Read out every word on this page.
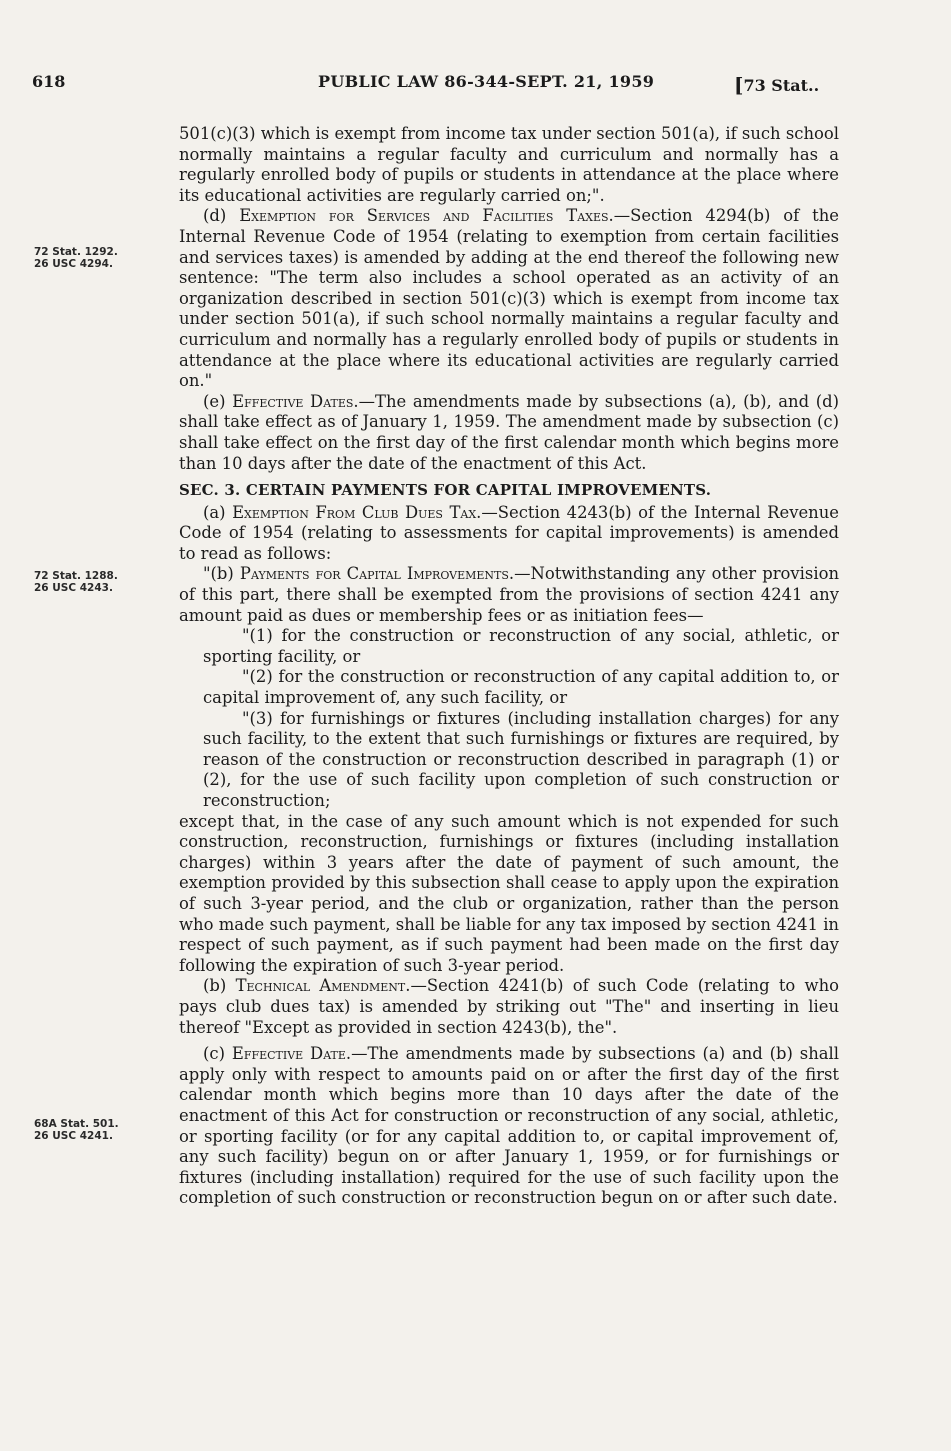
618	PUBLIC LAW 86-344-SEPT. 21, 1959	[73 Stat..
72 Stat. 1292.
26 USC 4294.
72 Stat. 1288.
26 USC 4243.
68A Stat. 501.
26 USC 4241.

501(c)(3) which is exempt from income tax under section 501(a), if such school normally maintains a regular faculty and curriculum and normally has a regularly enrolled body of pupils or students in attendance at the place where its educational activities are regularly carried on;".

(d) Exemption for Services and Facilities Taxes.—Section 4294(b) of the Internal Revenue Code of 1954 (relating to exemption from certain facilities and services taxes) is amended by adding at the end thereof the following new sentence: "The term also includes a school operated as an activity of an organization described in section 501(c)(3) which is exempt from income tax under section 501(a), if such school normally maintains a regular faculty and curriculum and normally has a regularly enrolled body of pupils or students in attendance at the place where its educational activities are regularly carried on."

(e) Effective Dates.—The amendments made by subsections (a), (b), and (d) shall take effect as of January 1, 1959. The amendment made by subsection (c) shall take effect on the first day of the first calendar month which begins more than 10 days after the date of the enactment of this Act.

SEC. 3. CERTAIN PAYMENTS FOR CAPITAL IMPROVEMENTS.

(a) Exemption From Club Dues Tax.—Section 4243(b) of the Internal Revenue Code of 1954 (relating to assessments for capital improvements) is amended to read as follows:

"(b) Payments for Capital Improvements.—Notwithstanding any other provision of this part, there shall be exempted from the provisions of section 4241 any amount paid as dues or membership fees or as initiation fees—

"(1) for the construction or reconstruction of any social, athletic, or sporting facility, or

"(2) for the construction or reconstruction of any capital addition to, or capital improvement of, any such facility, or

"(3) for furnishings or fixtures (including installation charges) for any such facility, to the extent that such furnishings or fixtures are required, by reason of the construction or reconstruction described in paragraph (1) or (2), for the use of such facility upon completion of such construction or reconstruction;

except that, in the case of any such amount which is not expended for such construction, reconstruction, furnishings or fixtures (including installation charges) within 3 years after the date of payment of such amount, the exemption provided by this subsection shall cease to apply upon the expiration of such 3-year period, and the club or organization, rather than the person who made such payment, shall be liable for any tax imposed by section 4241 in respect of such payment, as if such payment had been made on the first day following the expiration of such 3-year period.

(b) Technical Amendment.—Section 4241(b) of such Code (relating to who pays club dues tax) is amended by striking out "The" and inserting in lieu thereof "Except as provided in section 4243(b), the".

(c) Effective Date.—The amendments made by subsections (a) and (b) shall apply only with respect to amounts paid on or after the first day of the first calendar month which begins more than 10 days after the date of the enactment of this Act for construction or reconstruction of any social, athletic, or sporting facility (or for any capital addition to, or capital improvement of, any such facility) begun on or after January 1, 1959, or for furnishings or fixtures (including installation) required for the use of such facility upon the completion of such construction or reconstruction begun on or after such date.
